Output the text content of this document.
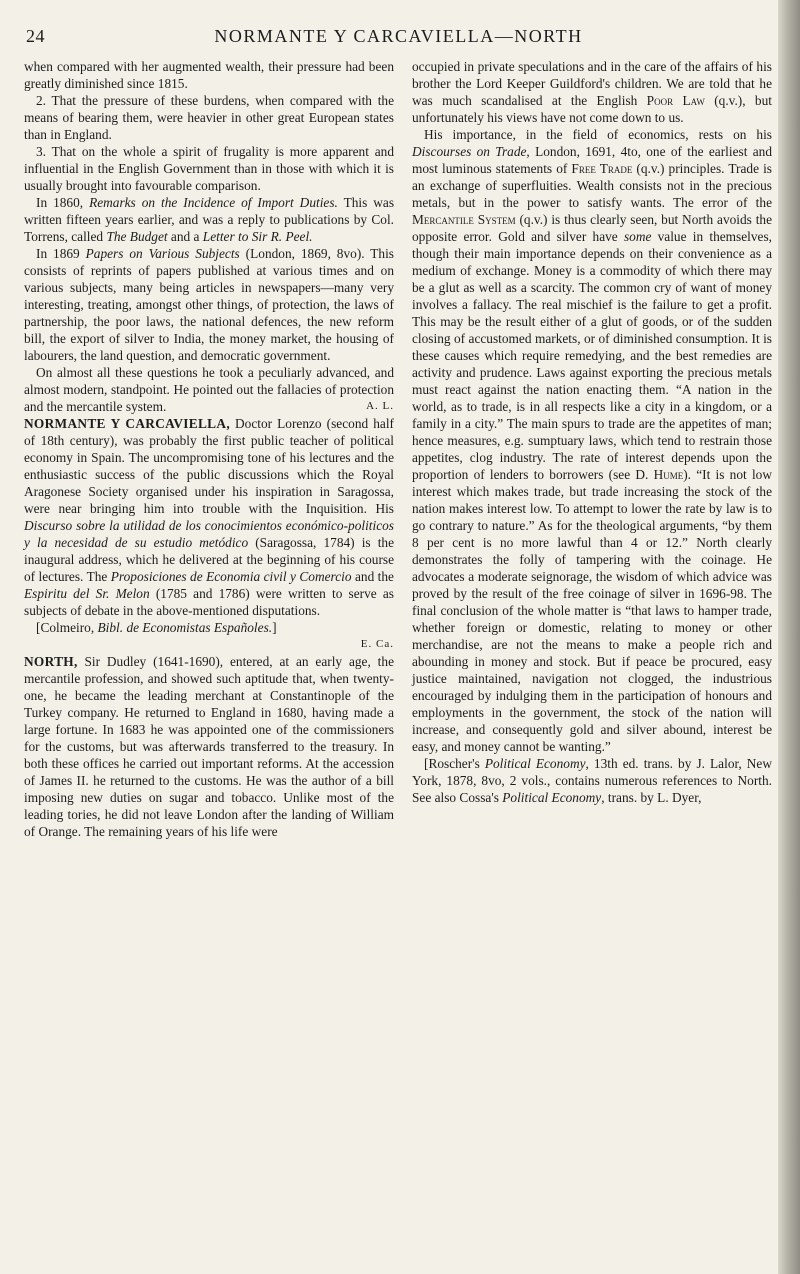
24	NORMANTE Y CARCAVIELLA—NORTH

when compared with her augmented wealth, their pressure had been greatly diminished since 1815.

2. That the pressure of these burdens, when compared with the means of bearing them, were heavier in other great European states than in England.

3. That on the whole a spirit of frugality is more apparent and influential in the English Government than in those with which it is usually brought into favourable comparison.

In 1860, Remarks on the Incidence of Import Duties. This was written fifteen years earlier, and was a reply to publications by Col. Torrens, called The Budget and a Letter to Sir R. Peel.

In 1869 Papers on Various Subjects (London, 1869, 8vo). This consists of reprints of papers published at various times and on various subjects, many being articles in newspapers—many very interesting, treating, amongst other things, of protection, the laws of partnership, the poor laws, the national defences, the new reform bill, the export of silver to India, the money market, the housing of labourers, the land question, and democratic government.

On almost all these questions he took a peculiarly advanced, and almost modern, standpoint. He pointed out the fallacies of protection and the mercantile system.	A. L.

NORMANTE Y CARCAVIELLA, Doctor Lorenzo (second half of 18th century), was probably the first public teacher of political economy in Spain. The uncompromising tone of his lectures and the enthusiastic success of the public discussions which the Royal Aragonese Society organised under his inspiration in Saragossa, were near bringing him into trouble with the Inquisition. His Discurso sobre la utilidad de los conocimientos económico-politicos y la necesidad de su estudio metódico (Saragossa, 1784) is the inaugural address, which he delivered at the beginning of his course of lectures. The Proposiciones de Economia civil y Comercio and the Espiritu del Sr. Melon (1785 and 1786) were written to serve as subjects of debate in the above-mentioned disputations.

[Colmeiro, Bibl. de Economistas Españoles.]

E. Ca.

NORTH, Sir Dudley (1641-1690), entered, at an early age, the mercantile profession, and showed such aptitude that, when twenty-one, he became the leading merchant at Constantinople of the Turkey company. He returned to England in 1680, having made a large fortune. In 1683 he was appointed one of the commissioners for the customs, but was afterwards transferred to the treasury. In both these offices he carried out important reforms. At the accession of James II. he returned to the customs. He was the author of a bill imposing new duties on sugar and tobacco. Unlike most of the leading tories, he did not leave London after the landing of William of Orange. The remaining years of his life were

occupied in private speculations and in the care of the affairs of his brother the Lord Keeper Guildford's children. We are told that he was much scandalised at the English Poor Law (q.v.), but unfortunately his views have not come down to us.

His importance, in the field of economics, rests on his Discourses on Trade, London, 1691, 4to, one of the earliest and most luminous statements of Free Trade (q.v.) principles. Trade is an exchange of superfluities. Wealth consists not in the precious metals, but in the power to satisfy wants. The error of the Mercantile System (q.v.) is thus clearly seen, but North avoids the opposite error. Gold and silver have some value in themselves, though their main importance depends on their convenience as a medium of exchange. Money is a commodity of which there may be a glut as well as a scarcity. The common cry of want of money involves a fallacy. The real mischief is the failure to get a profit. This may be the result either of a glut of goods, or of the sudden closing of accustomed markets, or of diminished consumption. It is these causes which require remedying, and the best remedies are activity and prudence. Laws against exporting the precious metals must react against the nation enacting them. “A nation in the world, as to trade, is in all respects like a city in a kingdom, or a family in a city.” The main spurs to trade are the appetites of man; hence measures, e.g. sumptuary laws, which tend to restrain those appetites, clog industry. The rate of interest depends upon the proportion of lenders to borrowers (see D. Hume). “It is not low interest which makes trade, but trade increasing the stock of the nation makes interest low. To attempt to lower the rate by law is to go contrary to nature.” As for the theological arguments, “by them 8 per cent is no more lawful than 4 or 12.” North clearly demonstrates the folly of tampering with the coinage. He advocates a moderate seignorage, the wisdom of which advice was proved by the result of the free coinage of silver in 1696-98. The final conclusion of the whole matter is “that laws to hamper trade, whether foreign or domestic, relating to money or other merchandise, are not the means to make a people rich and abounding in money and stock. But if peace be procured, easy justice maintained, navigation not clogged, the industrious encouraged by indulging them in the participation of honours and employments in the government, the stock of the nation will increase, and consequently gold and silver abound, interest be easy, and money cannot be wanting.”

[Roscher's Political Economy, 13th ed. trans. by J. Lalor, New York, 1878, 8vo, 2 vols., contains numerous references to North. See also Cossa's Political Economy, trans. by L. Dyer,
